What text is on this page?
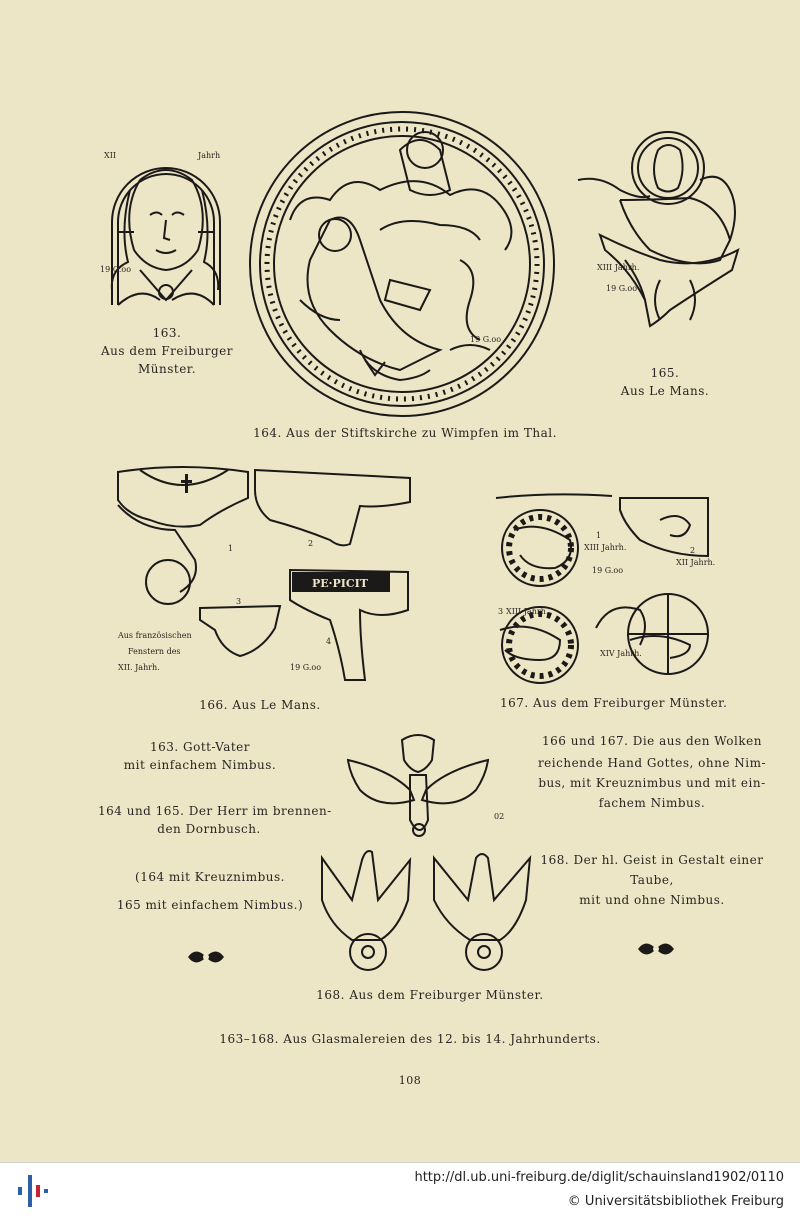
XII	Jahrh
19 G.oo
163.
Aus dem Freiburger
Münster.
19 G.oo
164. Aus der Stiftskirche zu Wimpfen im Thal.
XIII Jahrh.
19 G.oo
165.
Aus Le Mans.
1
2
3
4
PE·PICIT
Aus französischen
Fenstern des
XII. Jahrh.	19 G.oo
166. Aus Le Mans.
1
XIII Jahrh.
19 G.oo
2
XII Jahrh.
3 XIII Jahrh.
XIV Jahrh.
167. Aus dem Freiburger Münster.
163. Gott-Vater
mit einfachem Nimbus.
164 und 165. Der Herr im brennen-
den Dornbusch.
(164 mit Kreuznimbus.
165 mit einfachem Nimbus.)
02
168. Aus dem Freiburger Münster.
166 und 167. Die aus den Wolken
reichende Hand Gottes, ohne Nim-
bus, mit Kreuznimbus und mit ein-
fachem Nimbus.
168. Der hl. Geist in Gestalt einer
Taube,
mit und ohne Nimbus.
163–168. Aus Glasmalereien des 12. bis 14. Jahrhunderts.
108
http://dl.ub.uni-freiburg.de/diglit/schauinsland1902/0110
© Universitätsbibliothek Freiburg
